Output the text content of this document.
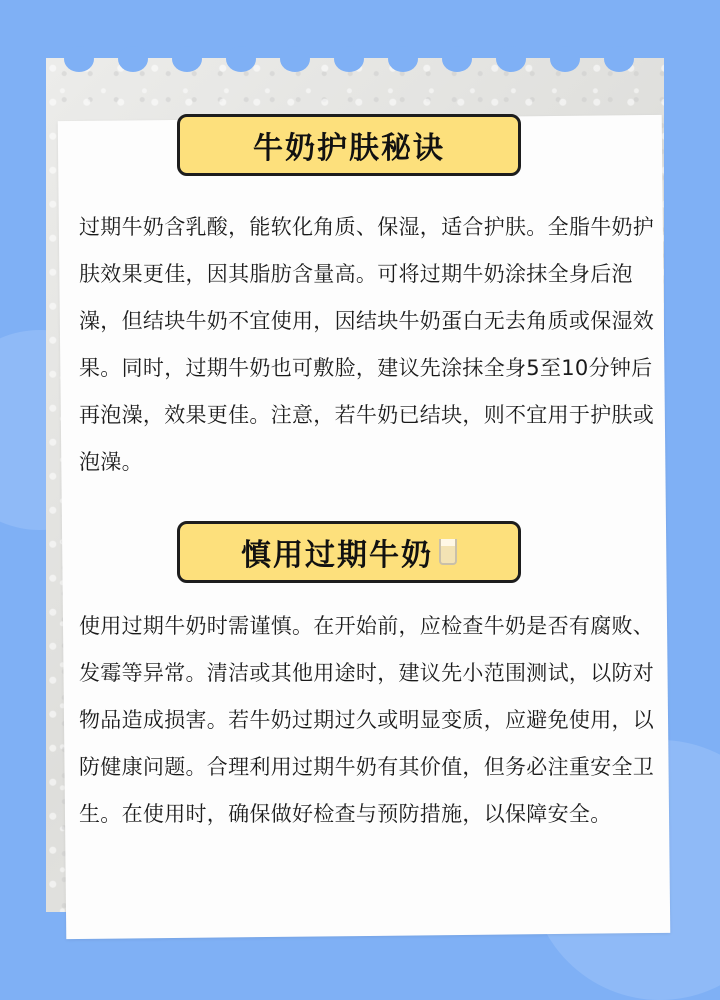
牛奶护肤秘诀

过期牛奶含乳酸，能软化角质、保湿，适合护肤。全脂牛奶护肤效果更佳，因其脂肪含量高。可将过期牛奶涂抹全身后泡澡，但结块牛奶不宜使用，因结块牛奶蛋白无去角质或保湿效果。同时，过期牛奶也可敷脸，建议先涂抹全身5至10分钟后再泡澡，效果更佳。注意，若牛奶已结块，则不宜用于护肤或泡澡。

慎用过期牛奶

使用过期牛奶时需谨慎。在开始前，应检查牛奶是否有腐败、发霉等异常。清洁或其他用途时，建议先小范围测试，以防对物品造成损害。若牛奶过期过久或明显变质，应避免使用，以防健康问题。合理利用过期牛奶有其价值，但务必注重安全卫生。在使用时，确保做好检查与预防措施，以保障安全。
